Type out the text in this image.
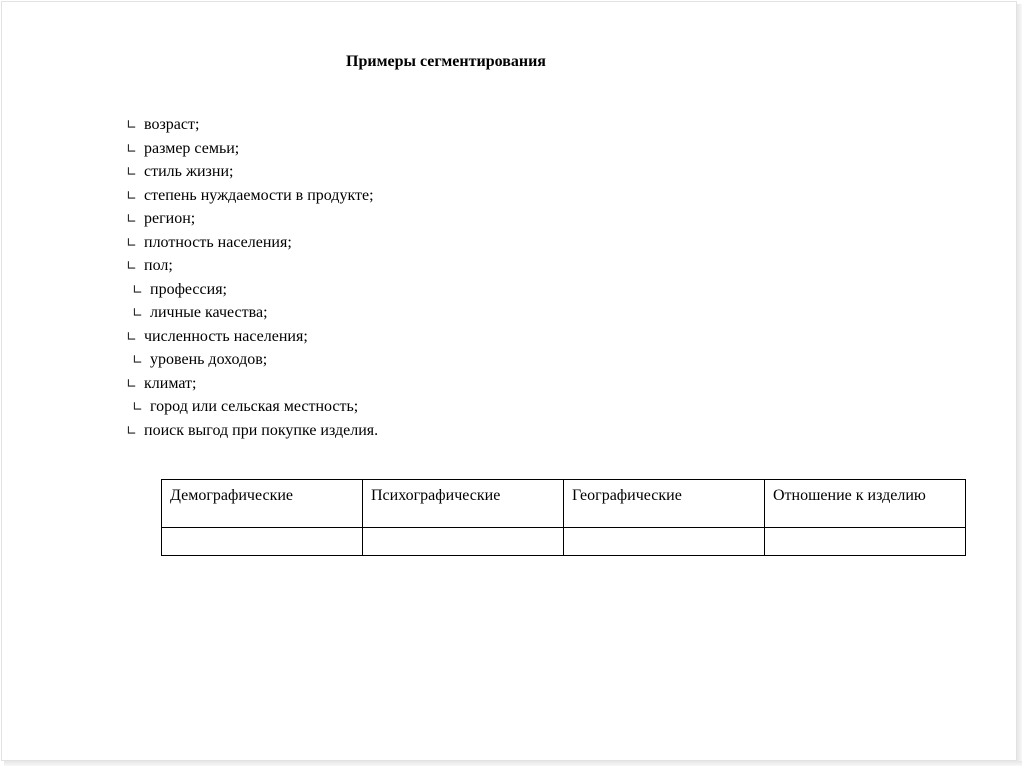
Примеры сегментирования
∟ возраст;
∟ размер семьи;
∟ стиль жизни;
∟ степень нуждаемости в продукте;
∟ регион;
∟ плотность населения;
∟ пол;
∟ профессия;
∟ личные качества;
∟ численность населения;
∟ уровень доходов;
∟ климат;
∟ город или сельская местность;
∟ поиск выгод при покупке изделия.
Демографические	Психографические	Географические	Отношение к изделию
